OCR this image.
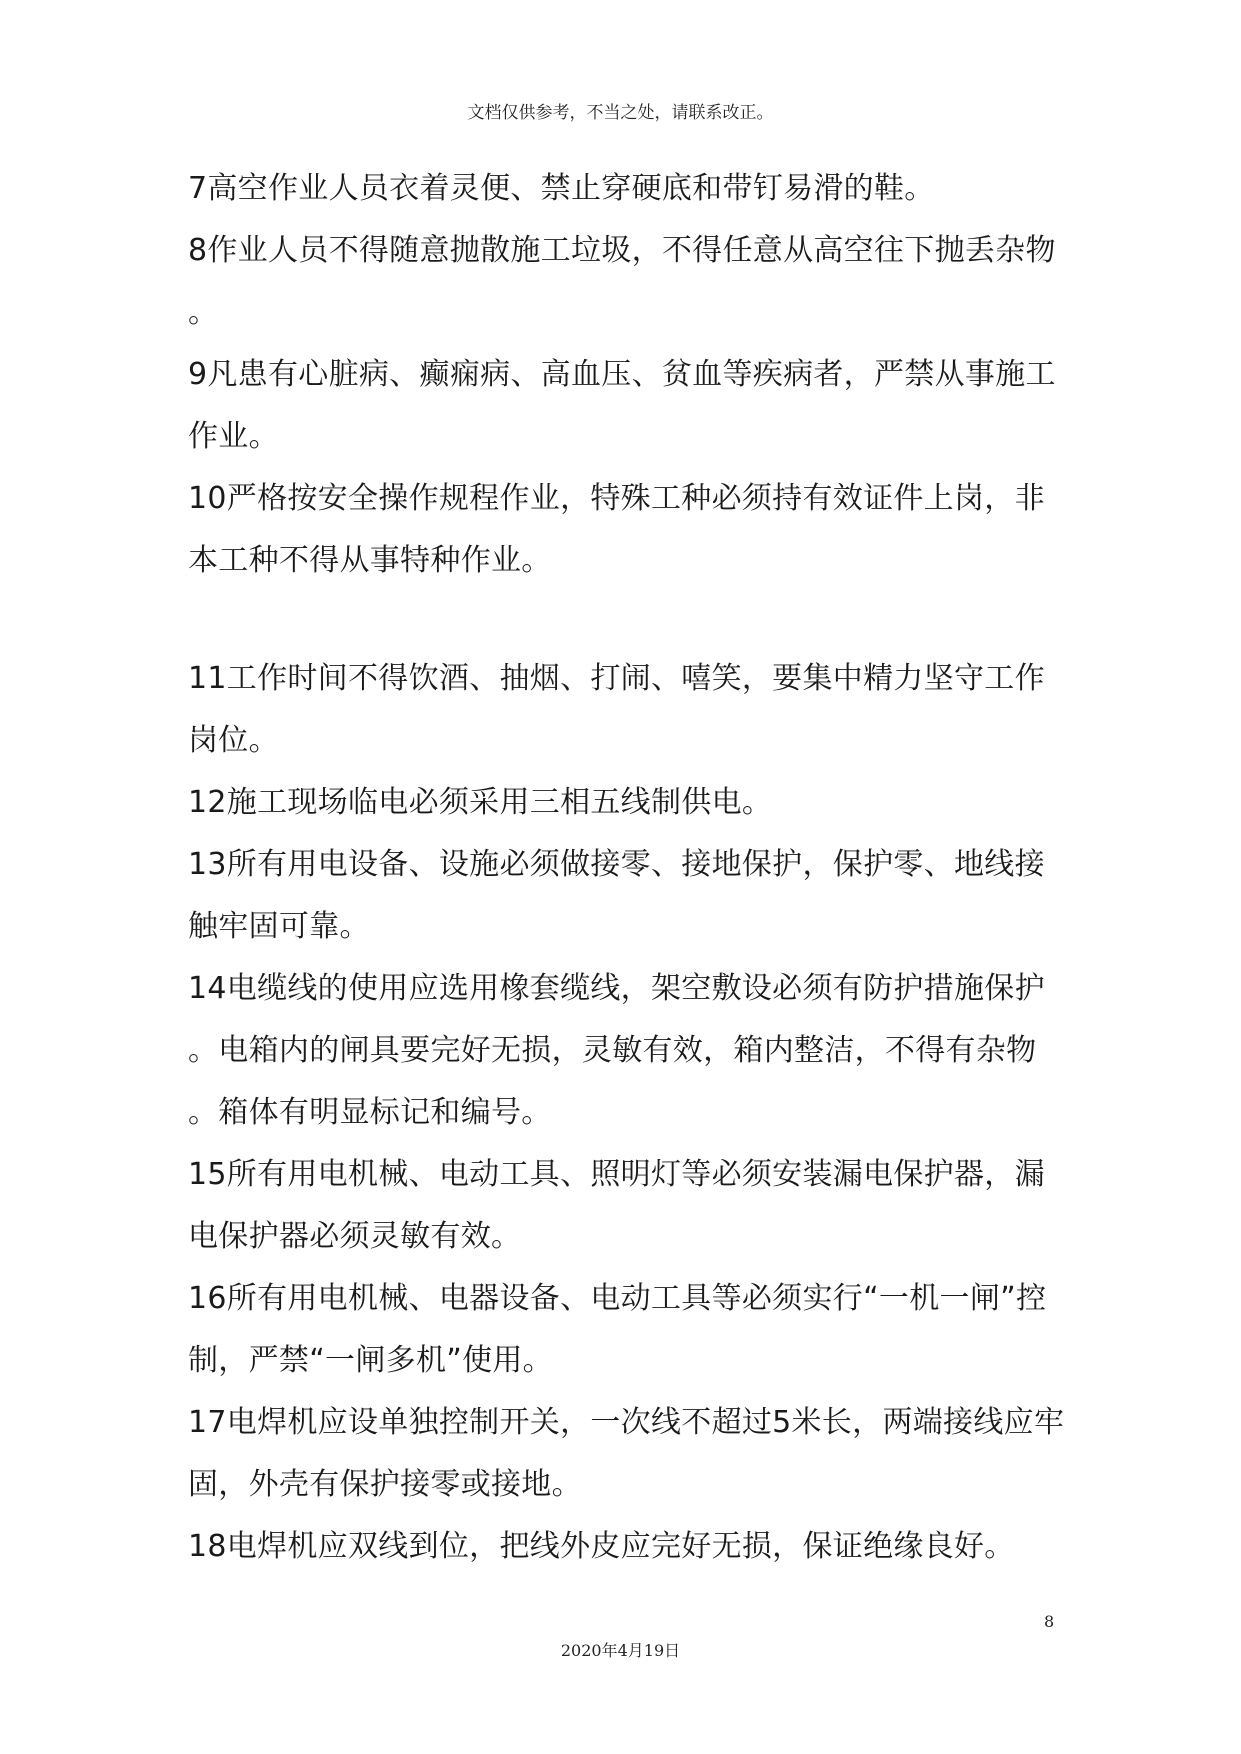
文档仅供参考，不当之处，请联系改正。
7高空作业人员衣着灵便、禁止穿硬底和带钉易滑的鞋。
8作业人员不得随意抛散施工垃圾，不得任意从高空往下抛丢杂物
。
9凡患有心脏病、癫痫病、高血压、贫血等疾病者，严禁从事施工
作业。
10严格按安全操作规程作业，特殊工种必须持有效证件上岗，非
本工种不得从事特种作业。
11工作时间不得饮酒、抽烟、打闹、嘻笑，要集中精力坚守工作
岗位。
12施工现场临电必须采用三相五线制供电。
13所有用电设备、设施必须做接零、接地保护，保护零、地线接
触牢固可靠。
14电缆线的使用应选用橡套缆线，架空敷设必须有防护措施保护
。电箱内的闸具要完好无损，灵敏有效，箱内整洁，不得有杂物
。箱体有明显标记和编号。
15所有用电机械、电动工具、照明灯等必须安装漏电保护器，漏
电保护器必须灵敏有效。
16所有用电机械、电器设备、电动工具等必须实行“一机一闸”控
制，严禁“一闸多机”使用。
17电焊机应设单独控制开关，一次线不超过5米长，两端接线应牢
固，外壳有保护接零或接地。
18电焊机应双线到位，把线外皮应完好无损，保证绝缘良好。
8
2020年4月19日
